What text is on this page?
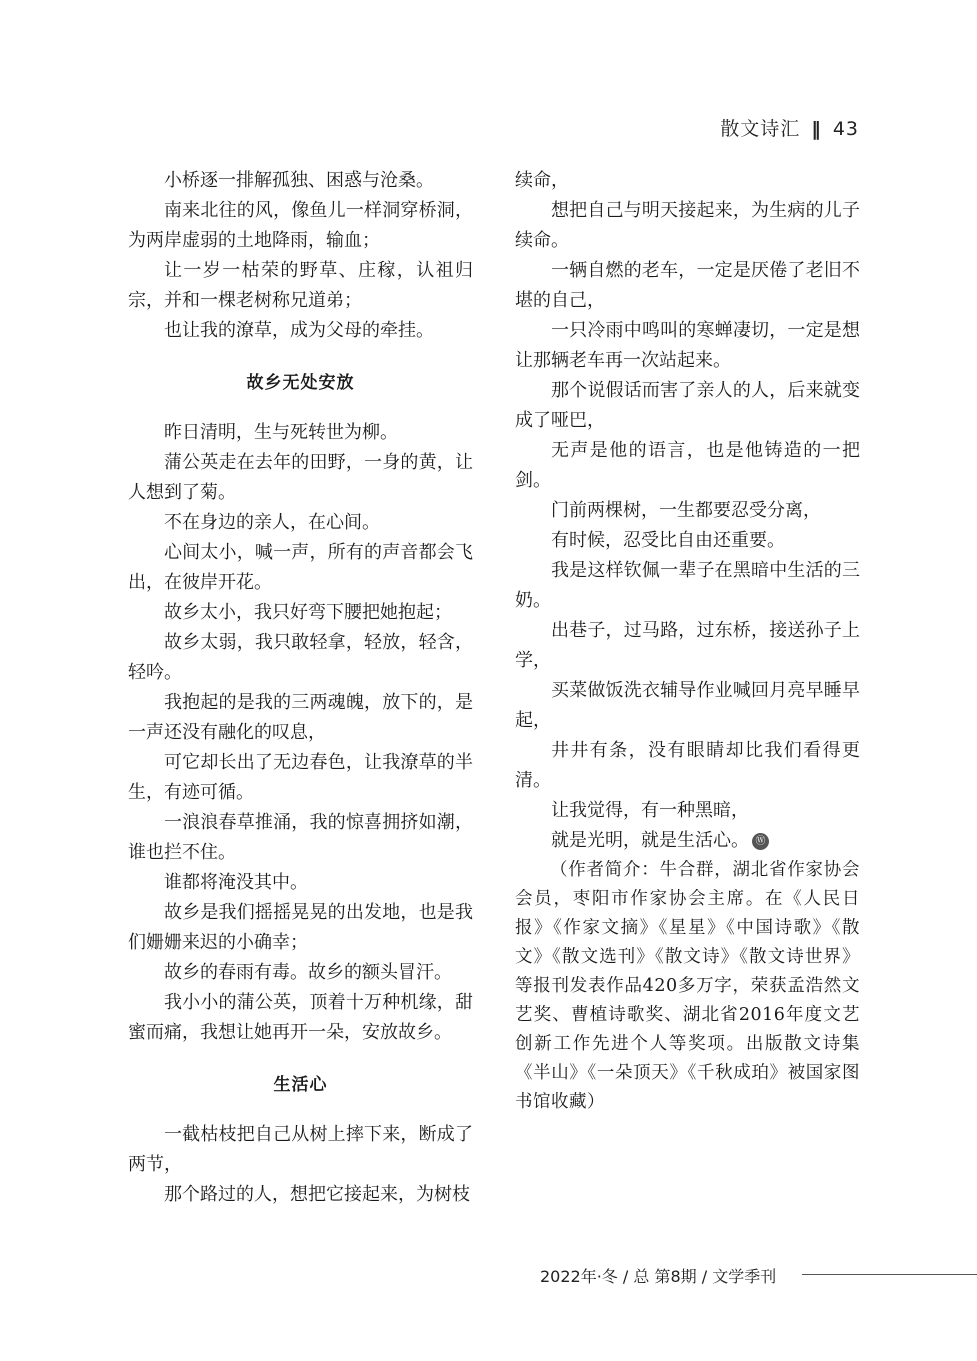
散文诗汇 ‖ 43

小桥逐一排解孤独、困惑与沧桑。

南来北往的风，像鱼儿一样洞穿桥洞，为两岸虚弱的土地降雨，输血；

让一岁一枯荣的野草、庄稼，认祖归宗，并和一棵老树称兄道弟；

也让我的潦草，成为父母的牵挂。

故乡无处安放

昨日清明，生与死转世为柳。

蒲公英走在去年的田野，一身的黄，让人想到了菊。

不在身边的亲人，在心间。

心间太小，喊一声，所有的声音都会飞出，在彼岸开花。

故乡太小，我只好弯下腰把她抱起；

故乡太弱，我只敢轻拿，轻放，轻含，轻吟。

我抱起的是我的三两魂魄，放下的，是一声还没有融化的叹息，

可它却长出了无边春色，让我潦草的半生，有迹可循。

一浪浪春草推涌，我的惊喜拥挤如潮，谁也拦不住。

谁都将淹没其中。

故乡是我们摇摇晃晃的出发地，也是我们姗姗来迟的小确幸；

故乡的春雨有毒。故乡的额头冒汗。

我小小的蒲公英，顶着十万种机缘，甜蜜而痛，我想让她再开一朵，安放故乡。

生活心

一截枯枝把自己从树上摔下来，断成了两节，

那个路过的人，想把它接起来，为树枝

续命，

想把自己与明天接起来，为生病的儿子续命。

一辆自燃的老车，一定是厌倦了老旧不堪的自己，

一只冷雨中鸣叫的寒蝉凄切，一定是想让那辆老车再一次站起来。

那个说假话而害了亲人的人，后来就变成了哑巴，

无声是他的语言，也是他铸造的一把剑。

门前两棵树，一生都要忍受分离，

有时候，忍受比自由还重要。

我是这样钦佩一辈子在黑暗中生活的三奶。

出巷子，过马路，过东桥，接送孙子上学，

买菜做饭洗衣辅导作业喊回月亮早睡早起，

井井有条，没有眼睛却比我们看得更清。

让我觉得，有一种黑暗，

就是光明，就是生活心。 Ⓦ

（作者简介：牛合群，湖北省作家协会会员，枣阳市作家协会主席。在《人民日报》《作家文摘》《星星》《中国诗歌》《散文》《散文选刊》《散文诗》《散文诗世界》等报刊发表作品420多万字，荣获孟浩然文艺奖、曹植诗歌奖、湖北省2016年度文艺创新工作先进个人等奖项。出版散文诗集《半山》《一朵顶天》《千秋成珀》被国家图书馆收藏）

2022年·冬 / 总 第8期 / 文学季刊
